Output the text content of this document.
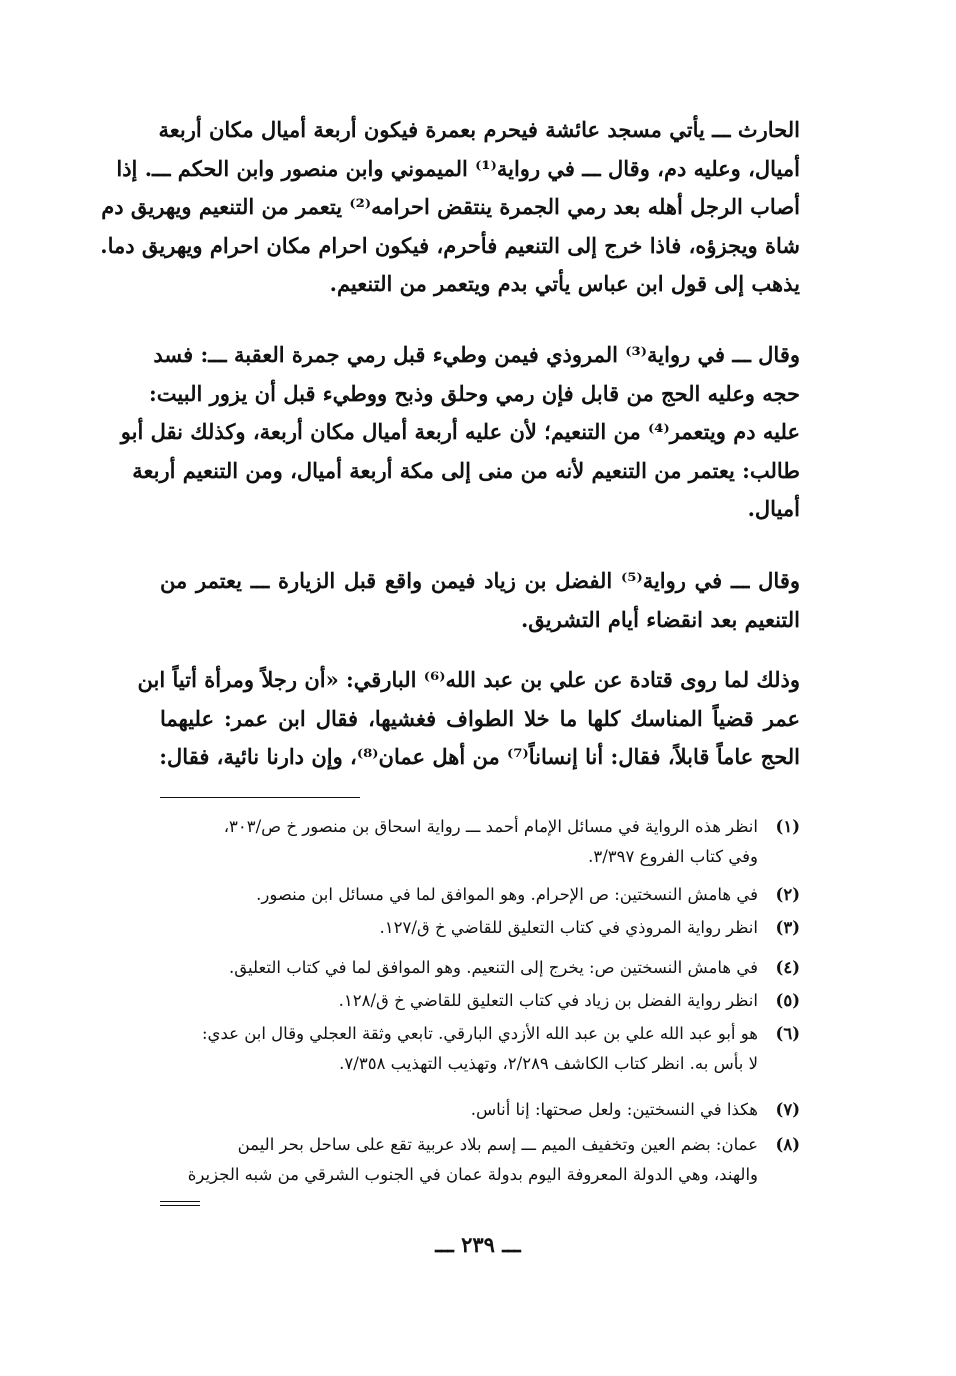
الحارث ـــ يأتي مسجد عائشة فيحرم بعمرة فيكون أربعة أميال مكان أربعة
أميال، وعليه دم، وقال ـــ في رواية⁽¹⁾ الميموني وابن منصور وابن الحكم ـــ. إذا
أصاب الرجل أهله بعد رمي الجمرة ينتقض احرامه⁽²⁾ يتعمر من التنعيم ويهريق دم
شاة ويجزؤه، فاذا خرج إلى التنعيم فأحرم، فيكون احرام مكان احرام ويهريق دما.
يذهب إلى قول ابن عباس يأتي بدم ويتعمر من التنعيم.
وقال ـــ في رواية⁽³⁾ المروذي فيمن وطيء قبل رمي جمرة العقبة ـــ: فسد
حجه وعليه الحج من قابل فإن رمي وحلق وذبح ووطيء قبل أن يزور البيت:
عليه دم ويتعمر⁽⁴⁾ من التنعيم؛ لأن عليه أربعة أميال مكان أربعة، وكذلك نقل أبو
طالب: يعتمر من التنعيم لأنه من منى إلى مكة أربعة أميال، ومن التنعيم أربعة
أميال.
وقال ـــ في رواية⁽⁵⁾ الفضل بن زياد فيمن واقع قبل الزيارة ـــ يعتمر من
التنعيم بعد انقضاء أيام التشريق.
وذلك لما روى قتادة عن علي بن عبد الله⁽⁶⁾ البارقي: «أن رجلاً ومرأة أتياً ابن
عمر قضياً المناسك كلها ما خلا الطواف فغشيها، فقال ابن عمر: عليهما
الحج عاماً قابلاً، فقال: أنا إنساناً⁽⁷⁾ من أهل عمان⁽⁸⁾، وإن دارنا نائية، فقال:
(١)
انظر هذه الرواية في مسائل الإمام أحمد ـــ رواية اسحاق بن منصور خ ص/٣٠٣،
وفي كتاب الفروع ٣/٣٩٧.
(٢)
في هامش النسختين: ص الإحرام. وهو الموافق لما في مسائل ابن منصور.
(٣)
انظر رواية المروذي في كتاب التعليق للقاضي خ ق/١٢٧.
(٤)
في هامش النسختين ص: يخرج إلى التنعيم. وهو الموافق لما في كتاب التعليق.
(٥)
انظر رواية الفضل بن زياد في كتاب التعليق للقاضي خ ق/١٢٨.
(٦)
هو أبو عبد الله علي بن عبد الله الأزدي البارقي. تابعي وثقة العجلي وقال ابن عدي:
لا بأس به. انظر كتاب الكاشف ٢/٢٨٩، وتهذيب التهذيب ٧/٣٥٨.
(٧)
هكذا في النسختين: ولعل صحتها: إنا أناس.
(٨)
عمان: بضم العين وتخفيف الميم ـــ إسم بلاد عربية تقع على ساحل بحر اليمن
والهند، وهي الدولة المعروفة اليوم بدولة عمان في الجنوب الشرقي من شبه الجزيرة
ـــ ٢٣٩ ـــ
